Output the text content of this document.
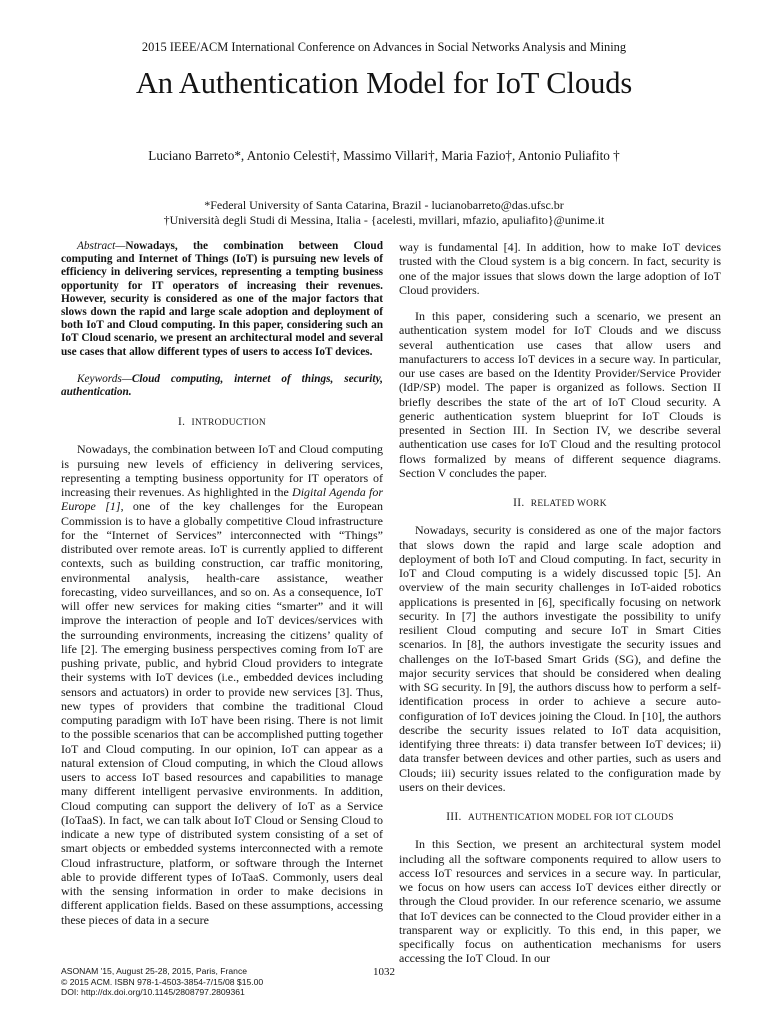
2015 IEEE/ACM International Conference on Advances in Social Networks Analysis and Mining
An Authentication Model for IoT Clouds
Luciano Barreto*, Antonio Celesti†, Massimo Villari†, Maria Fazio†, Antonio Puliafito †
*Federal University of Santa Catarina, Brazil - lucianobarreto@das.ufsc.br
†Università degli Studi di Messina, Italia - {acelesti, mvillari, mfazio, apuliafito}@unime.it

Abstract—Nowadays, the combination between Cloud computing and Internet of Things (IoT) is pursuing new levels of efficiency in delivering services, representing a tempting business opportunity for IT operators of increasing their revenues. However, security is considered as one of the major factors that slows down the rapid and large scale adoption and deployment of both IoT and Cloud computing. In this paper, considering such an IoT Cloud scenario, we present an architectural model and several use cases that allow different types of users to access IoT devices.

Keywords—Cloud computing, internet of things, security, authentication.

I. INTRODUCTION

Nowadays, the combination between IoT and Cloud computing is pursuing new levels of efficiency in delivering services, representing a tempting business opportunity for IT operators of increasing their revenues. As highlighted in the Digital Agenda for Europe [1], one of the key challenges for the European Commission is to have a globally competitive Cloud infrastructure for the “Internet of Services” interconnected with “Things” distributed over remote areas. IoT is currently applied to different contexts, such as building construction, car traffic monitoring, environmental analysis, health-care assistance, weather forecasting, video surveillances, and so on. As a consequence, IoT will offer new services for making cities “smarter” and it will improve the interaction of people and IoT devices/services with the surrounding environments, increasing the citizens’ quality of life [2]. The emerging business perspectives coming from IoT are pushing private, public, and hybrid Cloud providers to integrate their systems with IoT devices (i.e., embedded devices including sensors and actuators) in order to provide new services [3]. Thus, new types of providers that combine the traditional Cloud computing paradigm with IoT have been rising. There is not limit to the possible scenarios that can be accomplished putting together IoT and Cloud computing. In our opinion, IoT can appear as a natural extension of Cloud computing, in which the Cloud allows users to access IoT based resources and capabilities to manage many different intelligent pervasive environments. In addition, Cloud computing can support the delivery of IoT as a Service (IoTaaS). In fact, we can talk about IoT Cloud or Sensing Cloud to indicate a new type of distributed system consisting of a set of smart objects or embedded systems interconnected with a remote Cloud infrastructure, platform, or software through the Internet able to provide different types of IoTaaS. Commonly, users deal with the sensing information in order to make decisions in different application fields. Based on these assumptions, accessing these pieces of data in a secure

way is fundamental [4]. In addition, how to make IoT devices trusted with the Cloud system is a big concern. In fact, security is one of the major issues that slows down the large adoption of IoT Cloud providers.

In this paper, considering such a scenario, we present an authentication system model for IoT Clouds and we discuss several authentication use cases that allow users and manufacturers to access IoT devices in a secure way. In particular, our use cases are based on the Identity Provider/Service Provider (IdP/SP) model. The paper is organized as follows. Section II briefly describes the state of the art of IoT Cloud security. A generic authentication system blueprint for IoT Clouds is presented in Section III. In Section IV, we describe several authentication use cases for IoT Cloud and the resulting protocol flows formalized by means of different sequence diagrams. Section V concludes the paper.

II. RELATED WORK

Nowadays, security is considered as one of the major factors that slows down the rapid and large scale adoption and deployment of both IoT and Cloud computing. In fact, security in IoT and Cloud computing is a widely discussed topic [5]. An overview of the main security challenges in IoT-aided robotics applications is presented in [6], specifically focusing on network security. In [7] the authors investigate the possibility to unify resilient Cloud computing and secure IoT in Smart Cities scenarios. In [8], the authors investigate the security issues and challenges on the IoT-based Smart Grids (SG), and define the major security services that should be considered when dealing with SG security. In [9], the authors discuss how to perform a self-identification process in order to achieve a secure auto-configuration of IoT devices joining the Cloud. In [10], the authors describe the security issues related to IoT data acquisition, identifying three threats: i) data transfer between IoT devices; ii) data transfer between devices and other parties, such as users and Clouds; iii) security issues related to the configuration made by users on their devices.

III. AUTHENTICATION MODEL FOR IOT CLOUDS

In this Section, we present an architectural system model including all the software components required to allow users to access IoT resources and services in a secure way. In particular, we focus on how users can access IoT devices either directly or through the Cloud provider. In our reference scenario, we assume that IoT devices can be connected to the Cloud provider either in a transparent way or explicitly. To this end, in this paper, we specifically focus on authentication mechanisms for users accessing the IoT Cloud. In our

ASONAM '15, August 25-28, 2015, Paris, France
© 2015 ACM. ISBN 978-1-4503-3854-7/15/08 $15.00
DOI: http://dx.doi.org/10.1145/2808797.2809361
1032
